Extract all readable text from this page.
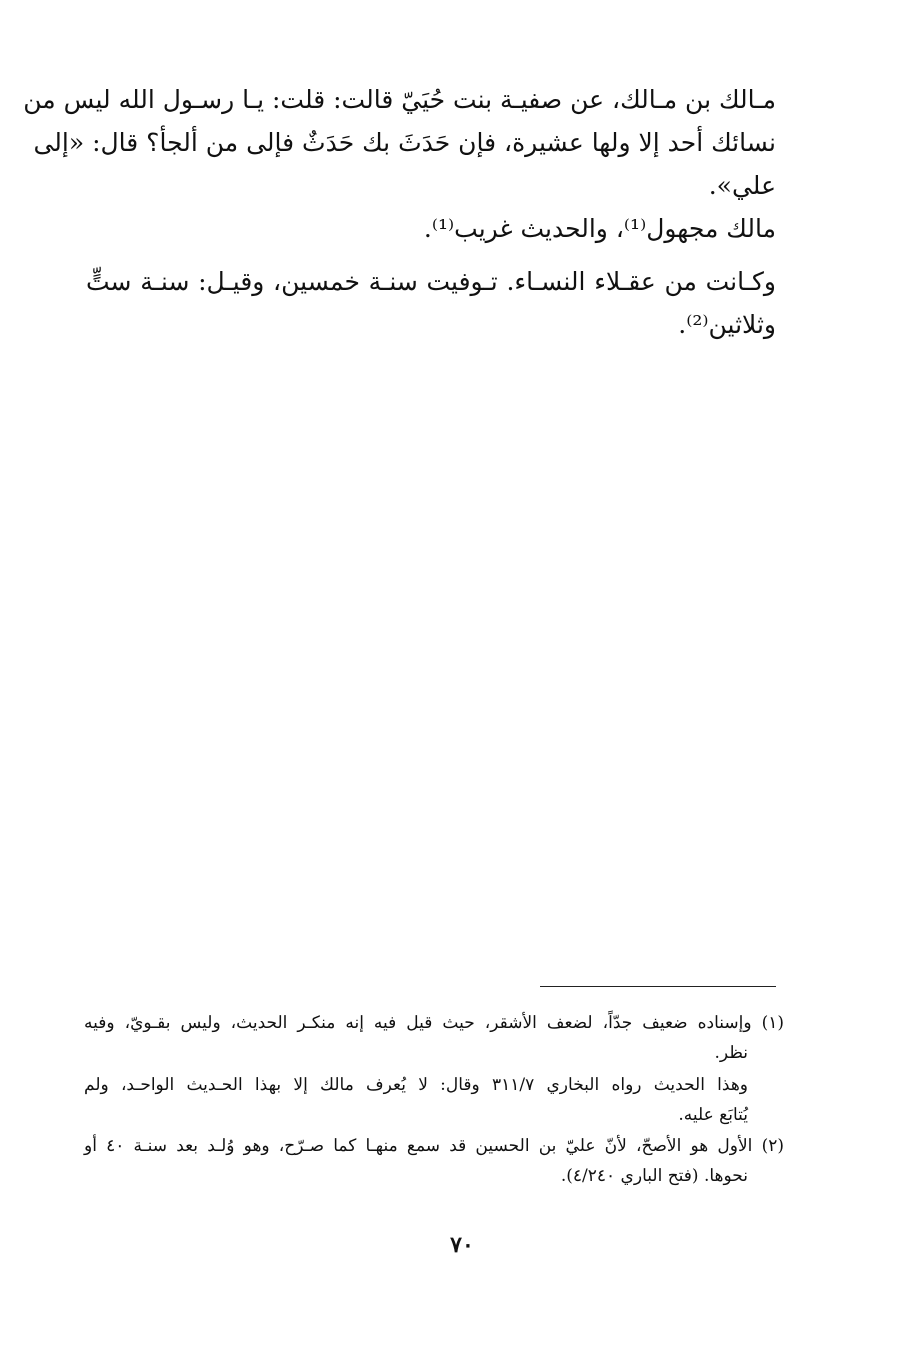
مـالك بن مـالك، عن صفيـة بنت حُيَيّ قالت: قلت: يـا رسـول الله ليس من
نسائك أحد إلا ولها عشيرة، فإن حَدَثَ بك حَدَثٌ فإلى من ألجأ؟ قال: «إلى
علي».
مالك مجهول⁽¹⁾، والحديث غريب⁽¹⁾.
وكـانت من عقـلاء النسـاء. تـوفيت سنـة خمسين، وقيـل: سنـة ستٍّ
وثلاثين⁽²⁾.
(١) وإسناده ضعيف جدّاً، لضعف الأشقر، حيث قيل فيه إنه منكـر الحديث، وليس بقـويّ، وفيه
نظر.
وهذا الحديث رواه البخاري ٣١١/٧ وقال: لا يُعرف مالك إلا بهذا الحـديث الواحـد، ولم
يُتابَع عليه.
(٢) الأول هو الأصحّ، لأنّ عليّ بن الحسين قد سمع منهـا كما صـرّح، وهو وُلـد بعد سنـة ٤٠ أو
نحوها. (فتح الباري ٤/٢٤٠).
٧٠
